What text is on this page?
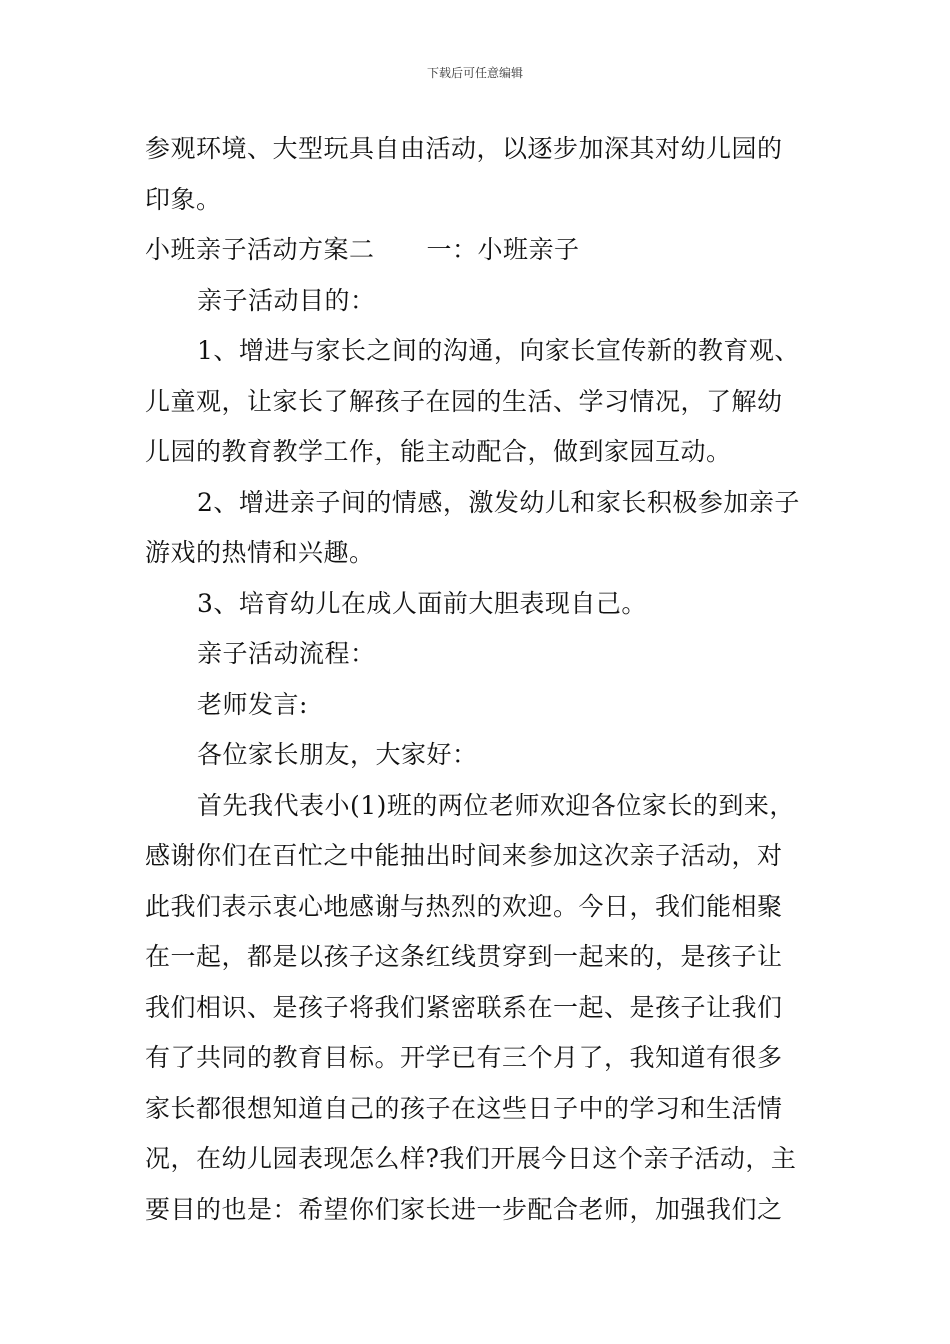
下载后可任意编辑
参观环境、大型玩具自由活动，以逐步加深其对幼儿园的
印象。
小班亲子活动方案二 一：小班亲子
亲子活动目的：
1、增进与家长之间的沟通，向家长宣传新的教育观、
儿童观，让家长了解孩子在园的生活、学习情况，了解幼
儿园的教育教学工作，能主动配合，做到家园互动。
2、增进亲子间的情感，激发幼儿和家长积极参加亲子
游戏的热情和兴趣。
3、培育幼儿在成人面前大胆表现自己。
亲子活动流程：
老师发言:
各位家长朋友，大家好：
首先我代表小(1)班的两位老师欢迎各位家长的到来，
感谢你们在百忙之中能抽出时间来参加这次亲子活动，对
此我们表示衷心地感谢与热烈的欢迎。今日，我们能相聚
在一起，都是以孩子这条红线贯穿到一起来的，是孩子让
我们相识、是孩子将我们紧密联系在一起、是孩子让我们
有了共同的教育目标。开学已有三个月了，我知道有很多
家长都很想知道自己的孩子在这些日子中的学习和生活情
况，在幼儿园表现怎么样?我们开展今日这个亲子活动，主
要目的也是：希望你们家长进一步配合老师，加强我们之
